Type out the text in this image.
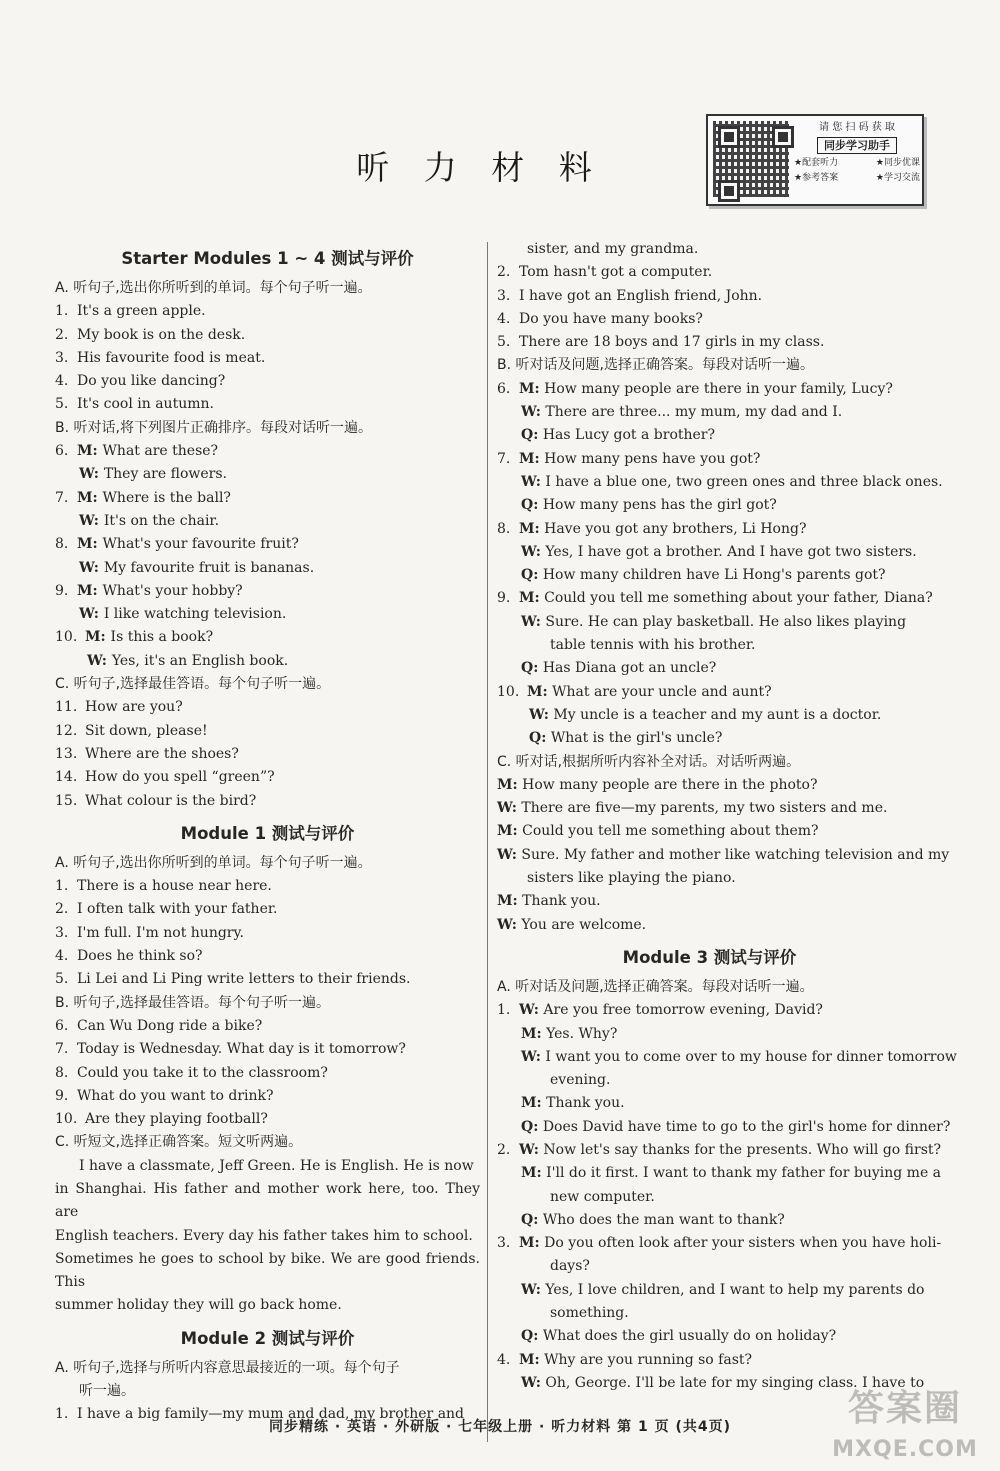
听 力 材 料
请 您 扫 码 获 取
同步学习助手
★配套听力	★同步优课
★参考答案	★学习交流
Starter Modules 1 ~ 4 测试与评价
A. 听句子,选出你所听到的单词。每个句子听一遍。
1. It's a green apple.
2. My book is on the desk.
3. His favourite food is meat.
4. Do you like dancing?
5. It's cool in autumn.
B. 听对话,将下列图片正确排序。每段对话听一遍。
6. M: What are these?
W: They are flowers.
7. M: Where is the ball?
W: It's on the chair.
8. M: What's your favourite fruit?
W: My favourite fruit is bananas.
9. M: What's your hobby?
W: I like watching television.
10. M: Is this a book?
W: Yes, it's an English book.
C. 听句子,选择最佳答语。每个句子听一遍。
11. How are you?
12. Sit down, please!
13. Where are the shoes?
14. How do you spell “green”?
15. What colour is the bird?
Module 1 测试与评价
A. 听句子,选出你所听到的单词。每个句子听一遍。
1. There is a house near here.
2. I often talk with your father.
3. I'm full. I'm not hungry.
4. Does he think so?
5. Li Lei and Li Ping write letters to their friends.
B. 听句子,选择最佳答语。每个句子听一遍。
6. Can Wu Dong ride a bike?
7. Today is Wednesday. What day is it tomorrow?
8. Could you take it to the classroom?
9. What do you want to drink?
10. Are they playing football?
C. 听短文,选择正确答案。短文听两遍。
I have a classmate, Jeff Green. He is English. He is now
in Shanghai. His father and mother work here, too. They are
English teachers. Every day his father takes him to school.
Sometimes he goes to school by bike. We are good friends. This
summer holiday they will go back home.
Module 2 测试与评价
A. 听句子,选择与所听内容意思最接近的一项。每个句子
听一遍。
1. I have a big family—my mum and dad, my brother and
sister, and my grandma.
2. Tom hasn't got a computer.
3. I have got an English friend, John.
4. Do you have many books?
5. There are 18 boys and 17 girls in my class.
B. 听对话及问题,选择正确答案。每段对话听一遍。
6. M: How many people are there in your family, Lucy?
W: There are three... my mum, my dad and I.
Q: Has Lucy got a brother?
7. M: How many pens have you got?
W: I have a blue one, two green ones and three black ones.
Q: How many pens has the girl got?
8. M: Have you got any brothers, Li Hong?
W: Yes, I have got a brother. And I have got two sisters.
Q: How many children have Li Hong's parents got?
9. M: Could you tell me something about your father, Diana?
W: Sure. He can play basketball. He also likes playing
table tennis with his brother.
Q: Has Diana got an uncle?
10. M: What are your uncle and aunt?
W: My uncle is a teacher and my aunt is a doctor.
Q: What is the girl's uncle?
C. 听对话,根据所听内容补全对话。对话听两遍。
M: How many people are there in the photo?
W: There are five—my parents, my two sisters and me.
M: Could you tell me something about them?
W: Sure. My father and mother like watching television and my
sisters like playing the piano.
M: Thank you.
W: You are welcome.
Module 3 测试与评价
A. 听对话及问题,选择正确答案。每段对话听一遍。
1. W: Are you free tomorrow evening, David?
M: Yes. Why?
W: I want you to come over to my house for dinner tomorrow
evening.
M: Thank you.
Q: Does David have time to go to the girl's home for dinner?
2. W: Now let's say thanks for the presents. Who will go first?
M: I'll do it first. I want to thank my father for buying me a
new computer.
Q: Who does the man want to thank?
3. M: Do you often look after your sisters when you have holi-
days?
W: Yes, I love children, and I want to help my parents do
something.
Q: What does the girl usually do on holiday?
4. M: Why are you running so fast?
W: Oh, George. I'll be late for my singing class. I have to
同步精练 · 英语 · 外研版 · 七年级上册 · 听力材料 第 1 页 (共4页)	答案圈
MXQE.COM
